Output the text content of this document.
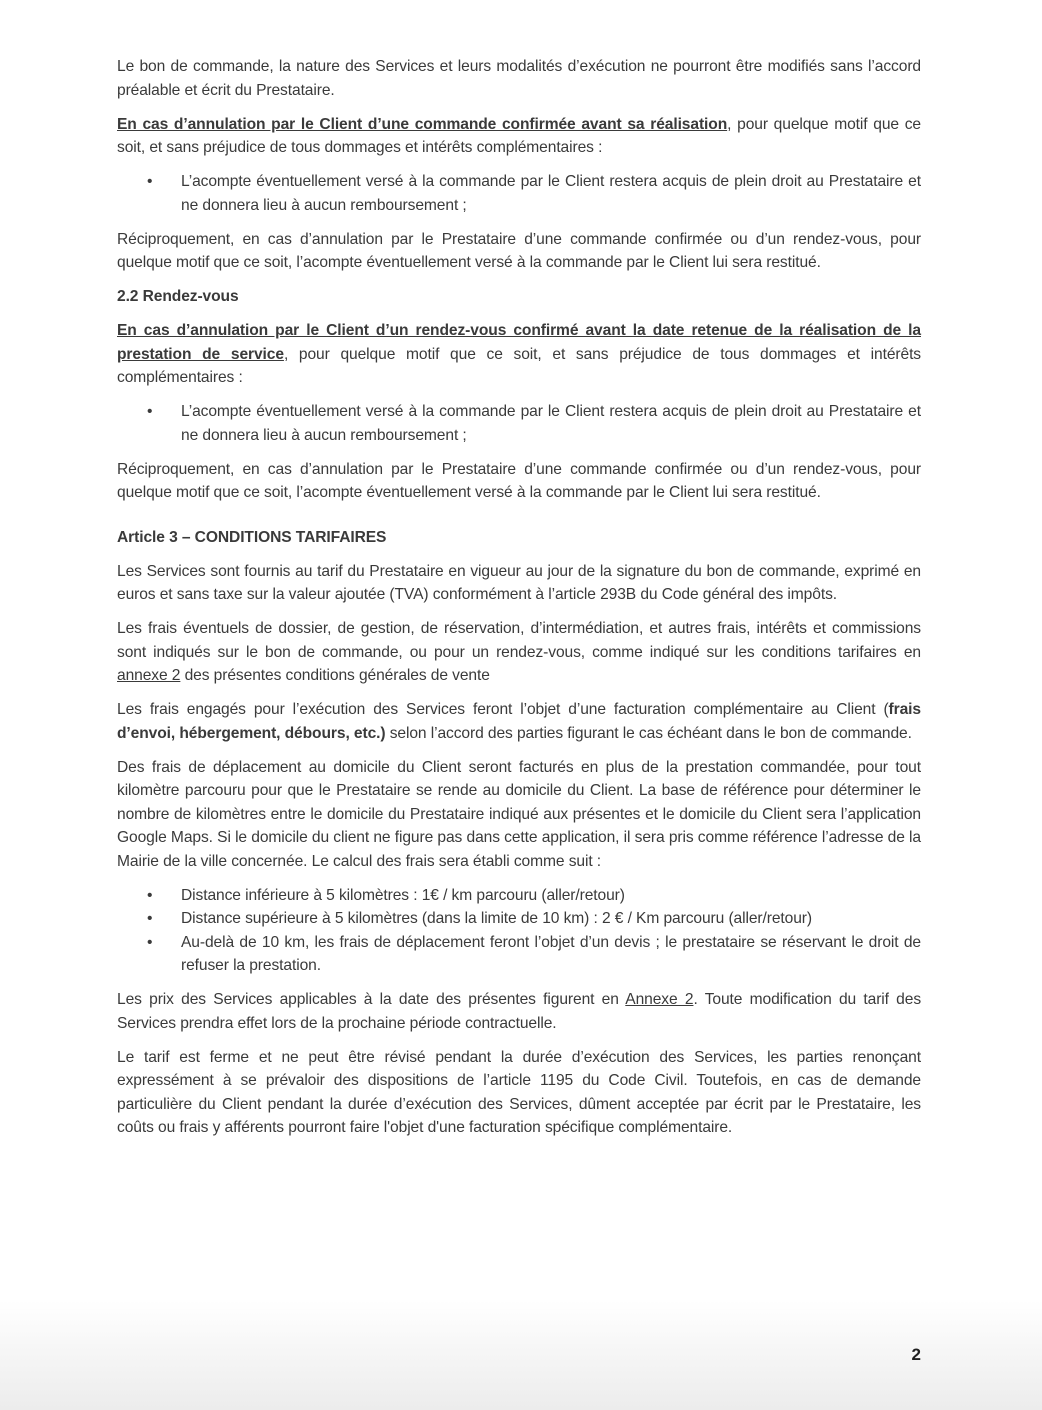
Le bon de commande, la nature des Services et leurs modalités d’exécution ne pourront être modifiés sans l’accord préalable et écrit du Prestataire.

En cas d’annulation par le Client d’une commande confirmée avant sa réalisation, pour quelque motif que ce soit, et sans préjudice de tous dommages et intérêts complémentaires :

• L’acompte éventuellement versé à la commande par le Client restera acquis de plein droit au Prestataire et ne donnera lieu à aucun remboursement ;

Réciproquement, en cas d’annulation par le Prestataire d’une commande confirmée ou d’un rendez-vous, pour quelque motif que ce soit, l’acompte éventuellement versé à la commande par le Client lui sera restitué.

2.2 Rendez-vous

En cas d’annulation par le Client d’un rendez-vous confirmé avant la date retenue de la réalisation de la prestation de service, pour quelque motif que ce soit, et sans préjudice de tous dommages et intérêts complémentaires :

• L’acompte éventuellement versé à la commande par le Client restera acquis de plein droit au Prestataire et ne donnera lieu à aucun remboursement ;

Réciproquement, en cas d’annulation par le Prestataire d’une commande confirmée ou d’un rendez-vous, pour quelque motif que ce soit, l’acompte éventuellement versé à la commande par le Client lui sera restitué.

Article 3 – CONDITIONS TARIFAIRES

Les Services sont fournis au tarif du Prestataire en vigueur au jour de la signature du bon de commande, exprimé en euros et sans taxe sur la valeur ajoutée (TVA) conformément à l’article 293B du Code général des impôts.

Les frais éventuels de dossier, de gestion, de réservation, d’intermédiation, et autres frais, intérêts et commissions sont indiqués sur le bon de commande, ou pour un rendez-vous, comme indiqué sur les conditions tarifaires en annexe 2 des présentes conditions générales de vente

Les frais engagés pour l’exécution des Services feront l’objet d’une facturation complémentaire au Client (frais d’envoi, hébergement, débours, etc.) selon l’accord des parties figurant le cas échéant dans le bon de commande.

Des frais de déplacement au domicile du Client seront facturés en plus de la prestation commandée, pour tout kilomètre parcouru pour que le Prestataire se rende au domicile du Client. La base de référence pour déterminer le nombre de kilomètres entre le domicile du Prestataire indiqué aux présentes et le domicile du Client sera l’application Google Maps. Si le domicile du client ne figure pas dans cette application, il sera pris comme référence l’adresse de la Mairie de la ville concernée. Le calcul des frais sera établi comme suit :

• Distance inférieure à 5 kilomètres : 1€ / km parcouru (aller/retour)
• Distance supérieure à 5 kilomètres (dans la limite de 10 km) : 2 € / Km parcouru (aller/retour)
• Au-delà de 10 km, les frais de déplacement feront l’objet d’un devis ; le prestataire se réservant le droit de refuser la prestation.

Les prix des Services applicables à la date des présentes figurent en Annexe 2. Toute modification du tarif des Services prendra effet lors de la prochaine période contractuelle.

Le tarif est ferme et ne peut être révisé pendant la durée d’exécution des Services, les parties renonçant expressément à se prévaloir des dispositions de l’article 1195 du Code Civil. Toutefois, en cas de demande particulière du Client pendant la durée d’exécution des Services, dûment acceptée par écrit par le Prestataire, les coûts ou frais y afférents pourront faire l'objet d'une facturation spécifique complémentaire.

2
